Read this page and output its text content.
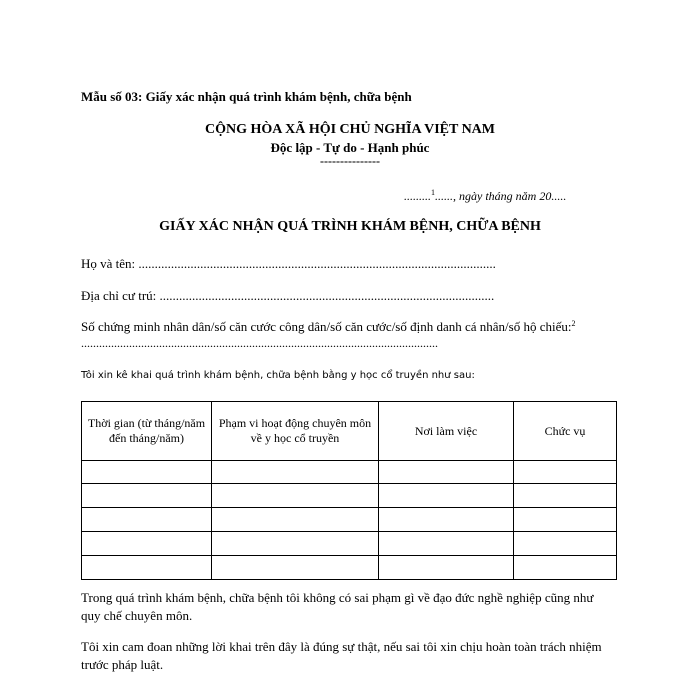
Mẫu số 03: Giấy xác nhận quá trình khám bệnh, chữa bệnh
CỘNG HÒA XÃ HỘI CHỦ NGHĨA VIỆT NAM
Độc lập - Tự do - Hạnh phúc
---------------
.........$^1$......, ngày tháng năm 20.....
GIẤY XÁC NHẬN QUÁ TRÌNH KHÁM BỆNH, CHỮA BỆNH
Họ và tên: ..............................................................................................................
Địa chỉ cư trú: .......................................................................................................
Số chứng minh nhân dân/số căn cước công dân/số căn cước/số định danh cá nhân/số hộ chiếu:$^2$
.......................................................................................................................
Tôi xin kê khai quá trình khám bệnh, chữa bệnh bằng y học cổ truyền như sau:
Thời gian (từ tháng/năm đến tháng/năm)	Phạm vi hoạt động chuyên môn về y học cổ truyền	Nơi làm việc	Chức vụ

Trong quá trình khám bệnh, chữa bệnh tôi không có sai phạm gì về đạo đức nghề nghiệp cũng như quy chế chuyên môn.
Tôi xin cam đoan những lời khai trên đây là đúng sự thật, nếu sai tôi xin chịu hoàn toàn trách nhiệm trước pháp luật.
